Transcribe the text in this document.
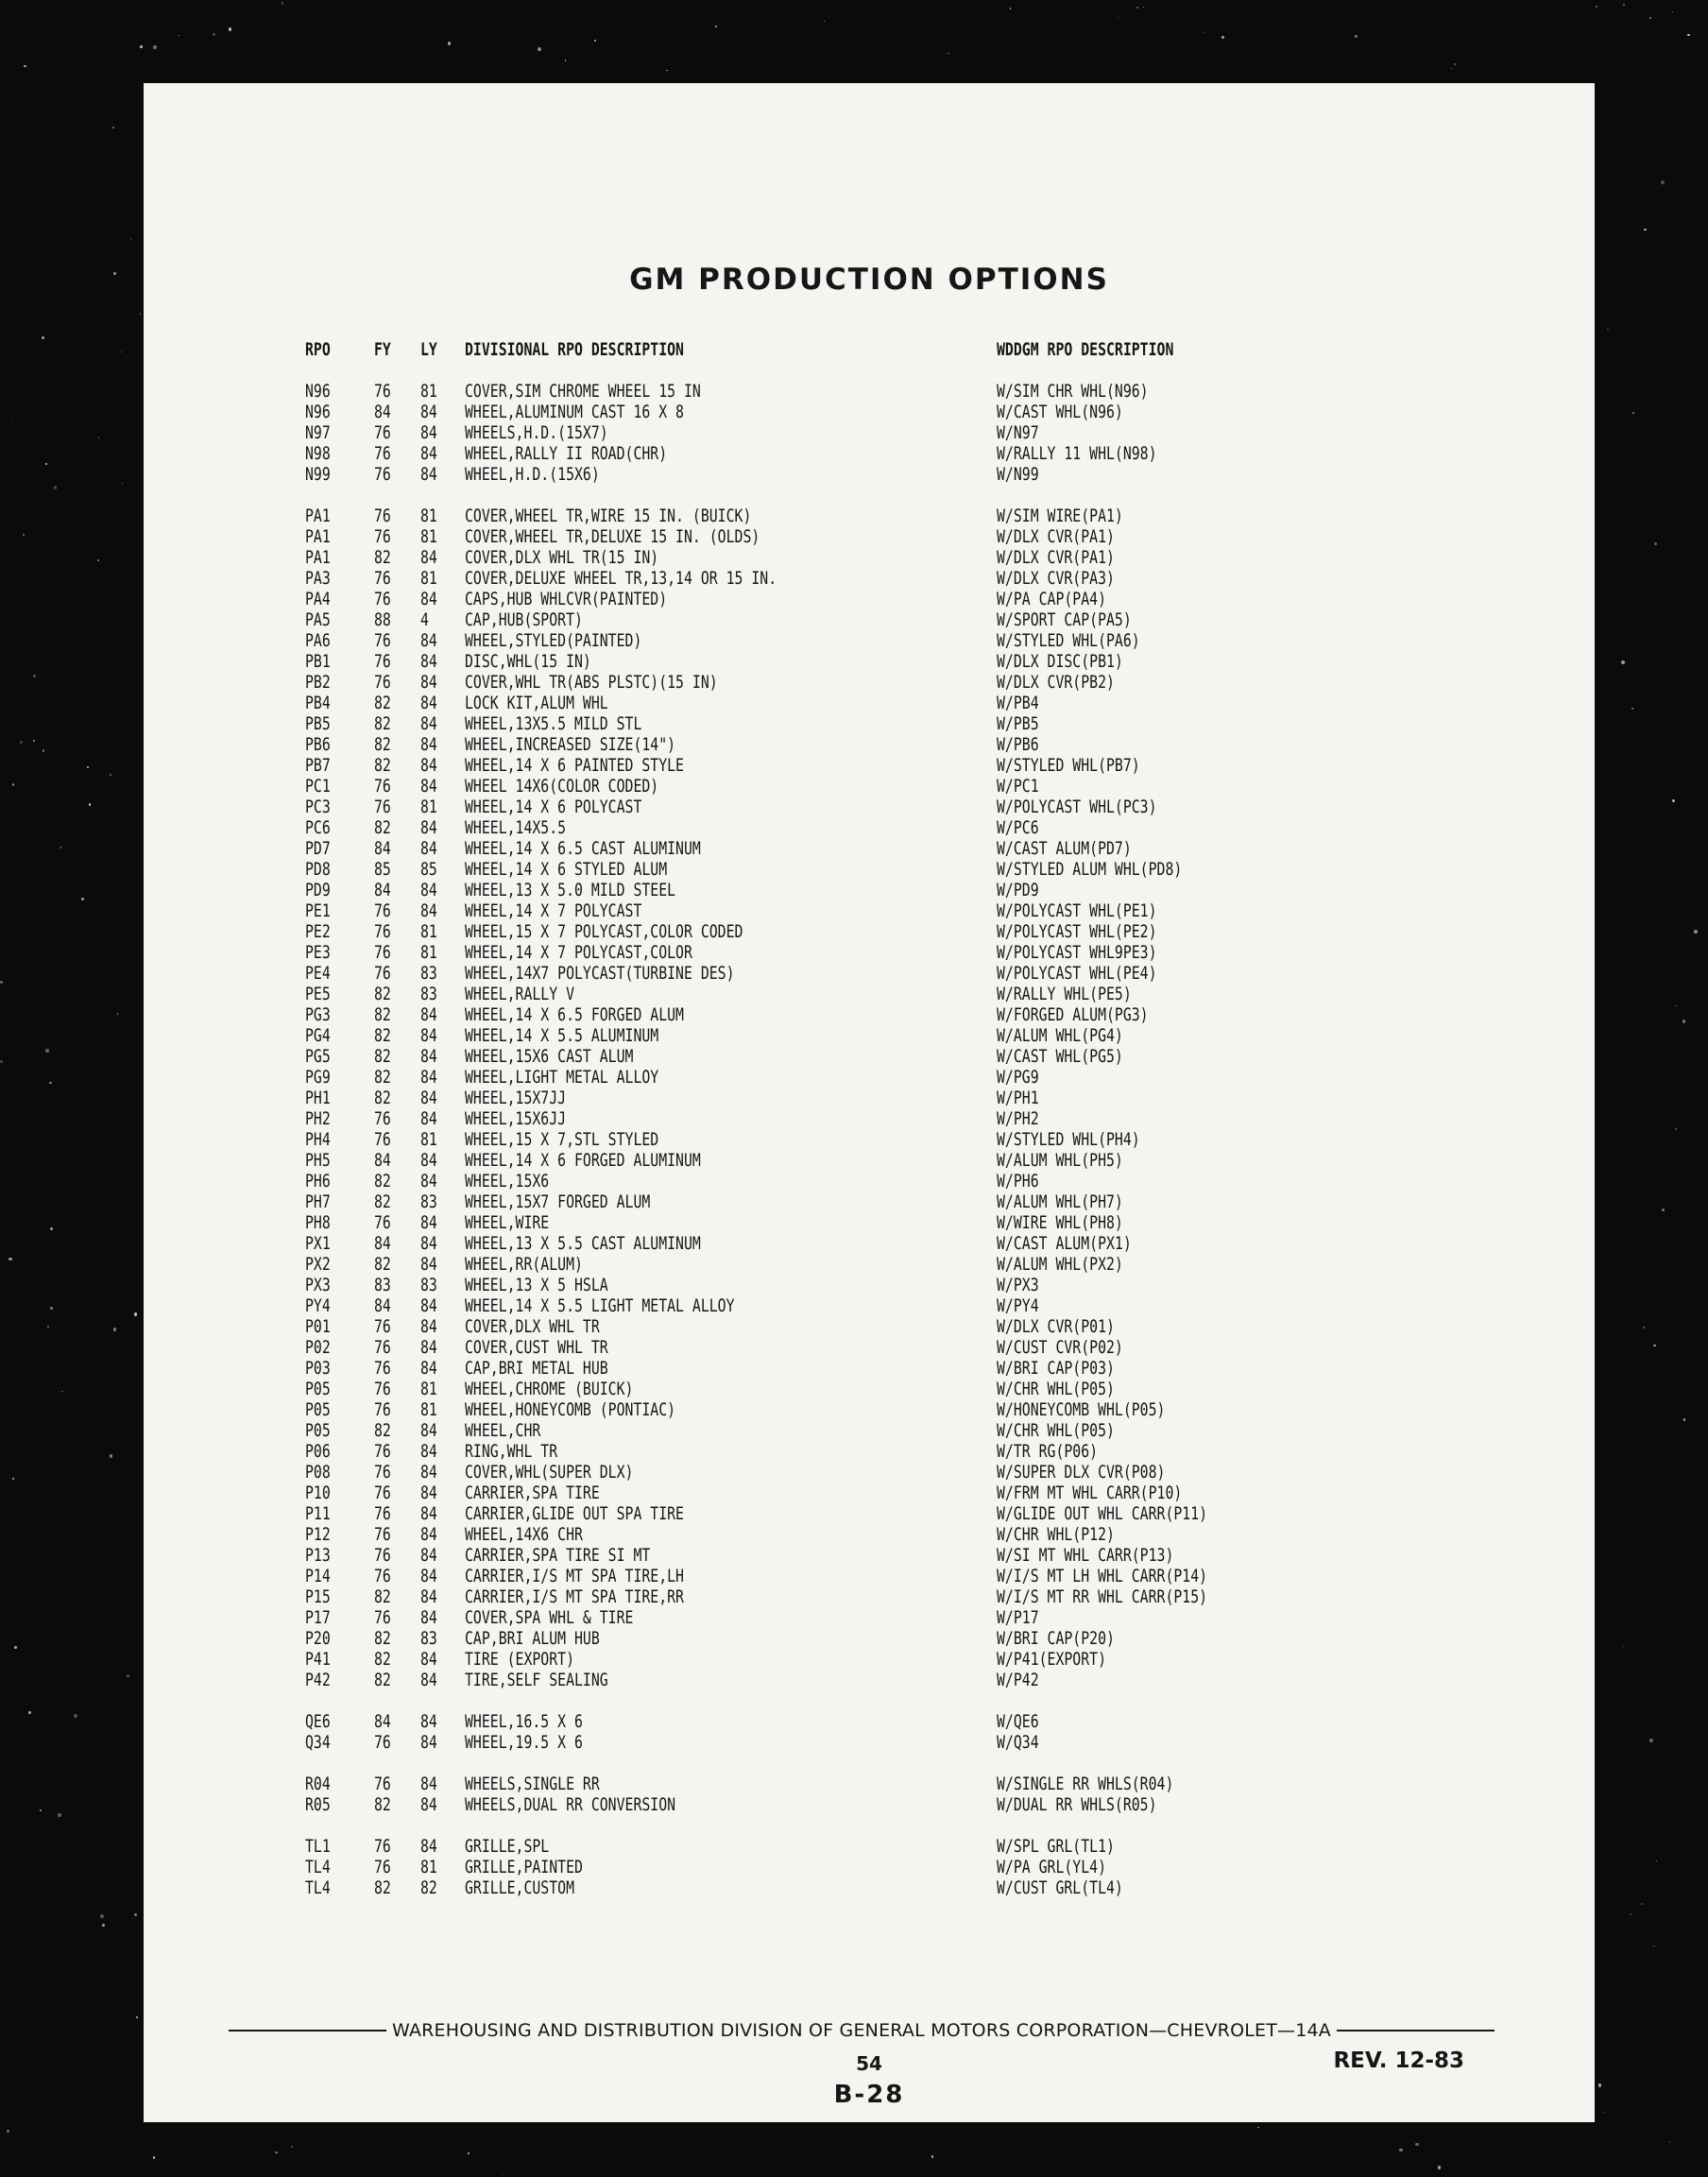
GM PRODUCTION OPTIONS
RPO FY LY DIVISIONAL RPO DESCRIPTION	WDDGM RPO DESCRIPTION
N96 76 81 COVER,SIM CHROME WHEEL 15 IN	W/SIM CHR WHL(N96)
N96 84 84 WHEEL,ALUMINUM CAST 16 X 8	W/CAST WHL(N96)
N97 76 84 WHEELS,H.D.(15X7)	W/N97
N98 76 84 WHEEL,RALLY II ROAD(CHR)	W/RALLY 11 WHL(N98)
N99 76 84 WHEEL,H.D.(15X6)	W/N99
PA1 76 81 COVER,WHEEL TR,WIRE 15 IN. (BUICK)	W/SIM WIRE(PA1)
PA1 76 81 COVER,WHEEL TR,DELUXE 15 IN. (OLDS)	W/DLX CVR(PA1)
PA1 82 84 COVER,DLX WHL TR(15 IN)	W/DLX CVR(PA1)
PA3 76 81 COVER,DELUXE WHEEL TR,13,14 OR 15 IN.	W/DLX CVR(PA3)
PA4 76 84 CAPS,HUB WHLCVR(PAINTED)	W/PA CAP(PA4)
PA5 88 4 CAP,HUB(SPORT)	W/SPORT CAP(PA5)
PA6 76 84 WHEEL,STYLED(PAINTED)	W/STYLED WHL(PA6)
PB1 76 84 DISC,WHL(15 IN)	W/DLX DISC(PB1)
PB2 76 84 COVER,WHL TR(ABS PLSTC)(15 IN)	W/DLX CVR(PB2)
PB4 82 84 LOCK KIT,ALUM WHL	W/PB4
PB5 82 84 WHEEL,13X5.5 MILD STL	W/PB5
PB6 82 84 WHEEL,INCREASED SIZE(14")	W/PB6
PB7 82 84 WHEEL,14 X 6 PAINTED STYLE	W/STYLED WHL(PB7)
PC1 76 84 WHEEL 14X6(COLOR CODED)	W/PC1
PC3 76 81 WHEEL,14 X 6 POLYCAST	W/POLYCAST WHL(PC3)
PC6 82 84 WHEEL,14X5.5	W/PC6
PD7 84 84 WHEEL,14 X 6.5 CAST ALUMINUM	W/CAST ALUM(PD7)
PD8 85 85 WHEEL,14 X 6 STYLED ALUM	W/STYLED ALUM WHL(PD8)
PD9 84 84 WHEEL,13 X 5.0 MILD STEEL	W/PD9
PE1 76 84 WHEEL,14 X 7 POLYCAST	W/POLYCAST WHL(PE1)
PE2 76 81 WHEEL,15 X 7 POLYCAST,COLOR CODED	W/POLYCAST WHL(PE2)
PE3 76 81 WHEEL,14 X 7 POLYCAST,COLOR	W/POLYCAST WHL9PE3)
PE4 76 83 WHEEL,14X7 POLYCAST(TURBINE DES)	W/POLYCAST WHL(PE4)
PE5 82 83 WHEEL,RALLY V	W/RALLY WHL(PE5)
PG3 82 84 WHEEL,14 X 6.5 FORGED ALUM	W/FORGED ALUM(PG3)
PG4 82 84 WHEEL,14 X 5.5 ALUMINUM	W/ALUM WHL(PG4)
PG5 82 84 WHEEL,15X6 CAST ALUM	W/CAST WHL(PG5)
PG9 82 84 WHEEL,LIGHT METAL ALLOY	W/PG9
PH1 82 84 WHEEL,15X7JJ	W/PH1
PH2 76 84 WHEEL,15X6JJ	W/PH2
PH4 76 81 WHEEL,15 X 7,STL STYLED	W/STYLED WHL(PH4)
PH5 84 84 WHEEL,14 X 6 FORGED ALUMINUM	W/ALUM WHL(PH5)
PH6 82 84 WHEEL,15X6	W/PH6
PH7 82 83 WHEEL,15X7 FORGED ALUM	W/ALUM WHL(PH7)
PH8 76 84 WHEEL,WIRE	W/WIRE WHL(PH8)
PX1 84 84 WHEEL,13 X 5.5 CAST ALUMINUM	W/CAST ALUM(PX1)
PX2 82 84 WHEEL,RR(ALUM)	W/ALUM WHL(PX2)
PX3 83 83 WHEEL,13 X 5 HSLA	W/PX3
PY4 84 84 WHEEL,14 X 5.5 LIGHT METAL ALLOY	W/PY4
P01 76 84 COVER,DLX WHL TR	W/DLX CVR(P01)
P02 76 84 COVER,CUST WHL TR	W/CUST CVR(P02)
P03 76 84 CAP,BRI METAL HUB	W/BRI CAP(P03)
P05 76 81 WHEEL,CHROME (BUICK)	W/CHR WHL(P05)
P05 76 81 WHEEL,HONEYCOMB (PONTIAC)	W/HONEYCOMB WHL(P05)
P05 82 84 WHEEL,CHR	W/CHR WHL(P05)
P06 76 84 RING,WHL TR	W/TR RG(P06)
P08 76 84 COVER,WHL(SUPER DLX)	W/SUPER DLX CVR(P08)
P10 76 84 CARRIER,SPA TIRE	W/FRM MT WHL CARR(P10)
P11 76 84 CARRIER,GLIDE OUT SPA TIRE	W/GLIDE OUT WHL CARR(P11)
P12 76 84 WHEEL,14X6 CHR	W/CHR WHL(P12)
P13 76 84 CARRIER,SPA TIRE SI MT	W/SI MT WHL CARR(P13)
P14 76 84 CARRIER,I/S MT SPA TIRE,LH	W/I/S MT LH WHL CARR(P14)
P15 82 84 CARRIER,I/S MT SPA TIRE,RR	W/I/S MT RR WHL CARR(P15)
P17 76 84 COVER,SPA WHL & TIRE	W/P17
P20 82 83 CAP,BRI ALUM HUB	W/BRI CAP(P20)
P41 82 84 TIRE (EXPORT)	W/P41(EXPORT)
P42 82 84 TIRE,SELF SEALING	W/P42
QE6 84 84 WHEEL,16.5 X 6	W/QE6
Q34 76 84 WHEEL,19.5 X 6	W/Q34
R04 76 84 WHEELS,SINGLE RR	W/SINGLE RR WHLS(R04)
R05 82 84 WHEELS,DUAL RR CONVERSION	W/DUAL RR WHLS(R05)
TL1 76 84 GRILLE,SPL	W/SPL GRL(TL1)
TL4 76 81 GRILLE,PAINTED	W/PA GRL(YL4)
TL4 82 82 GRILLE,CUSTOM	W/CUST GRL(TL4)
WAREHOUSING AND DISTRIBUTION DIVISION OF GENERAL MOTORS CORPORATION—CHEVROLET—14A
54	REV. 12-83
B-28
